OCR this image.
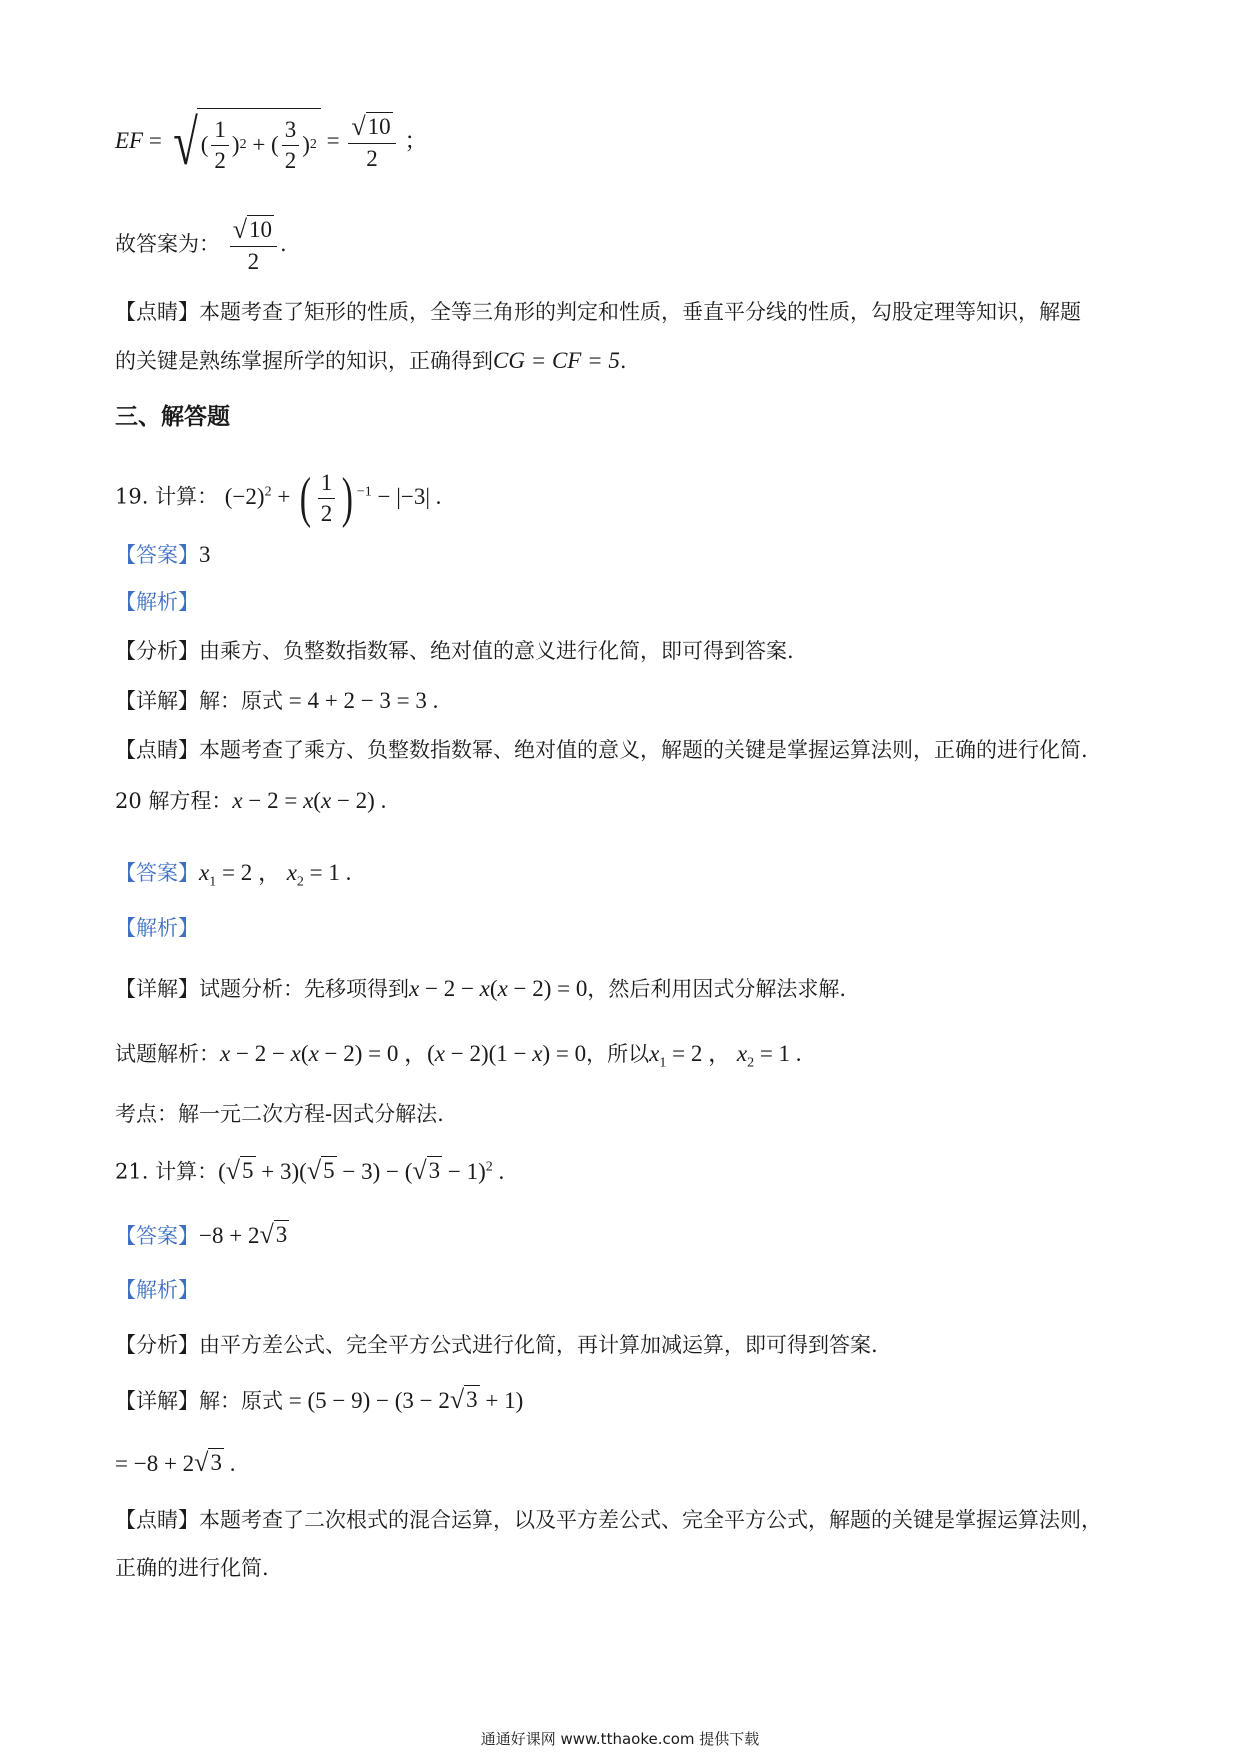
EF = √ ( $\frac{1}{2}$ ) 2 + ( $\frac{3}{2}$ ) $2 = \frac{√ 10}{2}$ ；
故答案为： $\frac{√ 10}{2}$ .
【点睛】本题考查了矩形的性质，全等三角形的判定和性质，垂直平分线的性质，勾股定理等知识，解题
的关键是熟练掌握所学的知识，正确得到CG = CF = 5.
三、解答题
19. 计算： $(-2)^2$ + ( $\frac{1}{2}$ ) $^{-1}$ − |−3| .
【答案】3
【解析】
【分析】由乘方、负整数指数幂、绝对值的意义进行化简，即可得到答案.
【详解】解：原式 = 4 + 2 − 3 = 3 .
【点睛】本题考查了乘方、负整数指数幂、绝对值的意义，解题的关键是掌握运算法则，正确的进行化简.
20 解方程：x − 2 = x(x − 2) .
【答案】$x_1 = 2$ ， $x_2 = 1$ .
【解析】
【详解】试题分析：先移项得到x − 2 − x(x − 2) = 0，然后利用因式分解法求解.
试题解析：x − 2 − x(x − 2) = 0 ，(x − 2)(1 − x) = 0，所以$x_1 = 2$ ， $x_2 = 1$ .
考点：解一元二次方程-因式分解法.
21. 计算：( √ 5 + 3)( √ 5 − 3) − ( √ 3 − 1)$^2$ .
【答案】−8 + 2 √ 3
【解析】
【分析】由平方差公式、完全平方公式进行化简，再计算加减运算，即可得到答案.
【详解】解：原式 = (5 − 9) − (3 − 2 √ 3 + 1)
= −8 + 2 √ 3 .
【点睛】本题考查了二次根式的混合运算，以及平方差公式、完全平方公式，解题的关键是掌握运算法则，
正确的进行化简.
通通好课网 www.tthaoke.com 提供下载
